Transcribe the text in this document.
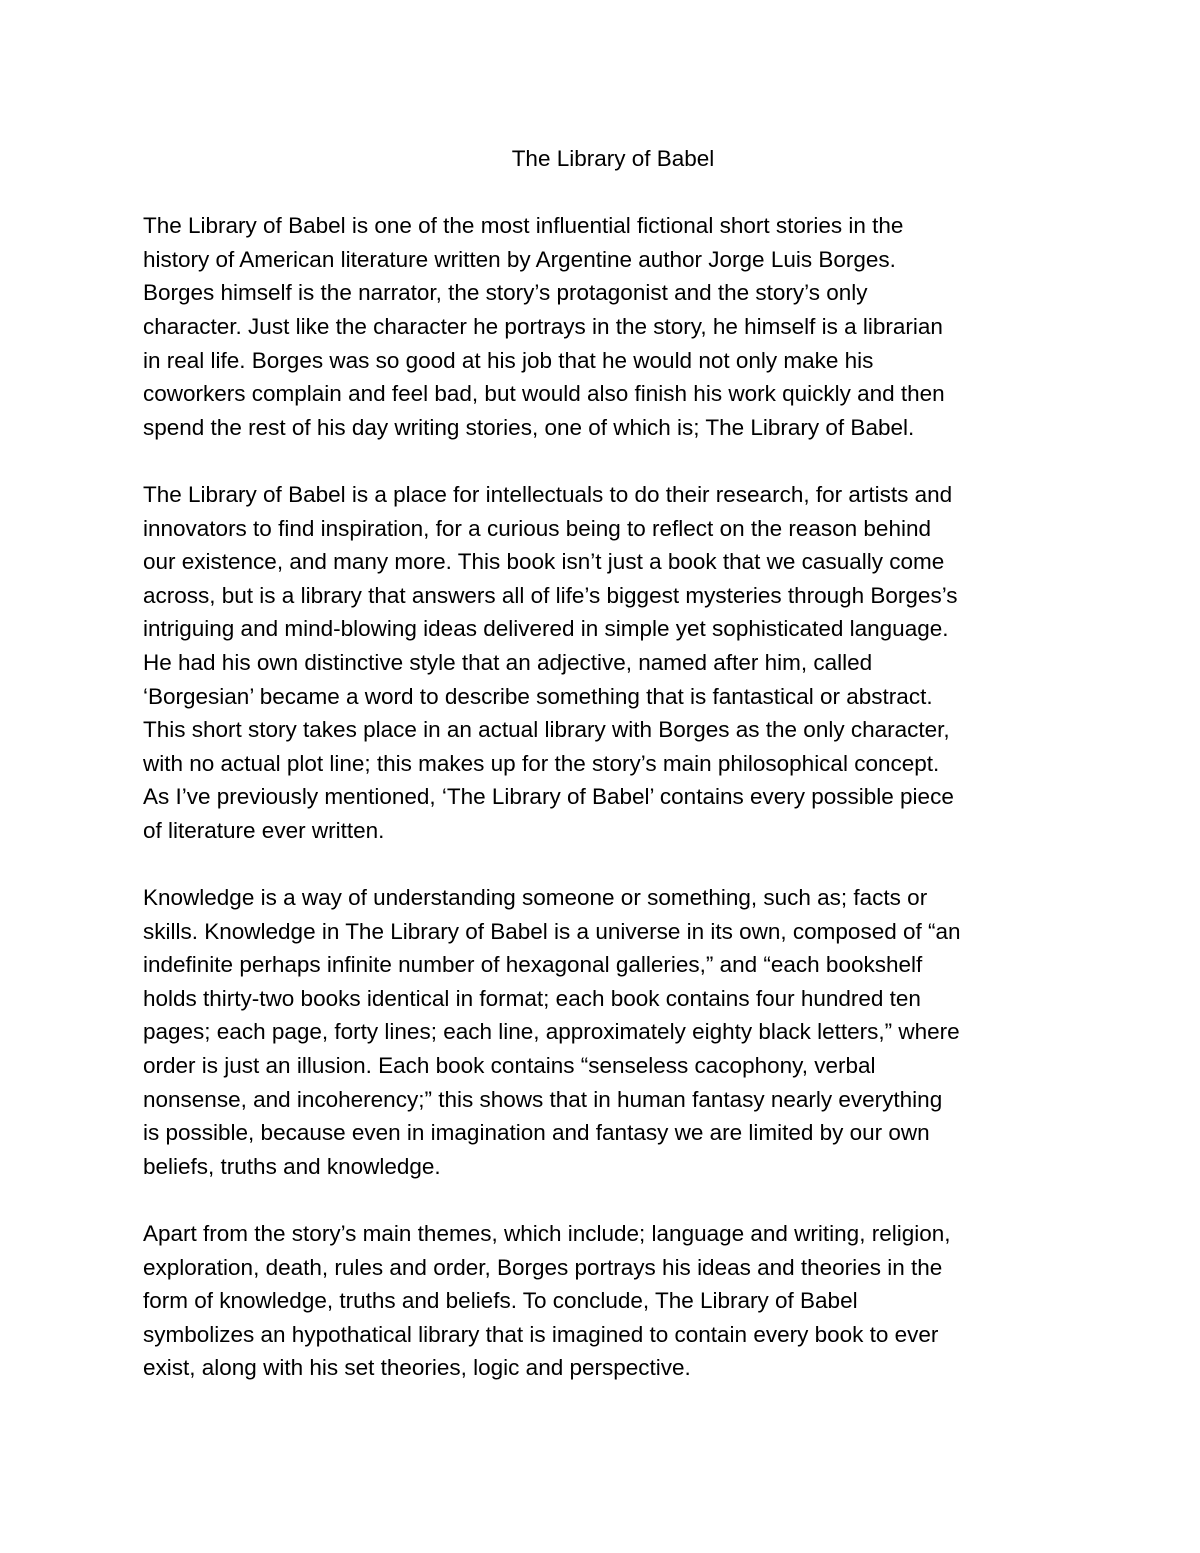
The Library of Babel
The Library of Babel is one of the most influential fictional short stories in the
history of American literature written by Argentine author Jorge Luis Borges.
Borges himself is the narrator, the story’s protagonist and the story’s only
character. Just like the character he portrays in the story, he himself is a librarian
in real life. Borges was so good at his job that he would not only make his
coworkers complain and feel bad, but would also finish his work quickly and then
spend the rest of his day writing stories, one of which is; The Library of Babel.
The Library of Babel is a place for intellectuals to do their research, for artists and
innovators to find inspiration, for a curious being to reflect on the reason behind
our existence, and many more. This book isn’t just a book that we casually come
across, but is a library that answers all of life’s biggest mysteries through Borges’s
intriguing and mind-blowing ideas delivered in simple yet sophisticated language.
He had his own distinctive style that an adjective, named after him, called
‘Borgesian’ became a word to describe something that is fantastical or abstract.
This short story takes place in an actual library with Borges as the only character,
with no actual plot line; this makes up for the story’s main philosophical concept.
As I’ve previously mentioned, ‘The Library of Babel’ contains every possible piece
of literature ever written.
Knowledge is a way of understanding someone or something, such as; facts or
skills. Knowledge in The Library of Babel is a universe in its own, composed of “an
indefinite perhaps infinite number of hexagonal galleries,” and “each bookshelf
holds thirty-two books identical in format; each book contains four hundred ten
pages; each page, forty lines; each line, approximately eighty black letters,” where
order is just an illusion. Each book contains “senseless cacophony, verbal
nonsense, and incoherency;” this shows that in human fantasy nearly everything
is possible, because even in imagination and fantasy we are limited by our own
beliefs, truths and knowledge.
Apart from the story’s main themes, which include; language and writing, religion,
exploration, death, rules and order, Borges portrays his ideas and theories in the
form of knowledge, truths and beliefs. To conclude, The Library of Babel
symbolizes an hypothatical library that is imagined to contain every book to ever
exist, along with his set theories, logic and perspective.
